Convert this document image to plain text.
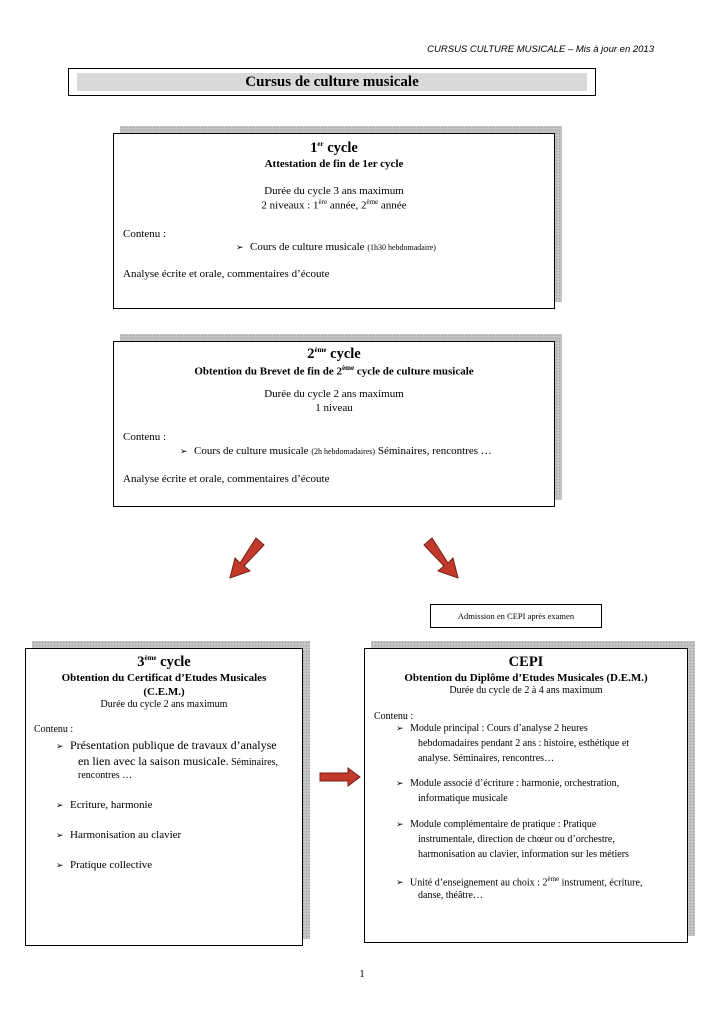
CURSUS CULTURE MUSICALE – Mis à jour en 2013
Cursus de culture musicale
1er cycle
Attestation de fin de 1er cycle
Durée du cycle 3 ans maximum
2 niveaux : 1ère année, 2ème année
Contenu :
➢ Cours de culture musicale (1h30 hebdomadaire)
Analyse écrite et orale, commentaires d’écoute
2ème cycle
Obtention du Brevet de fin de 2ème cycle de culture musicale
Durée du cycle 2 ans maximum
1 niveau
Contenu :
➢ Cours de culture musicale (2h hebdomadaires) Séminaires, rencontres …
Analyse écrite et orale, commentaires d’écoute
Admission en CEPI après examen
3ème cycle
Obtention du Certificat d’Etudes Musicales
(C.E.M.)
Durée du cycle 2 ans maximum
Contenu :
➢ Présentation publique de travaux d’analyse
en lien avec la saison musicale. Séminaires,
rencontres …
➢ Ecriture, harmonie
➢ Harmonisation au clavier
➢ Pratique collective
CEPI
Obtention du Diplôme d’Etudes Musicales (D.E.M.)
Durée du cycle de 2 à 4 ans maximum
Contenu :
➢ Module principal : Cours d’analyse 2 heures
hebdomadaires pendant 2 ans : histoire, esthétique et
analyse. Séminaires, rencontres…
➢ Module associé d’écriture : harmonie, orchestration,
informatique musicale
➢ Module complémentaire de pratique : Pratique
instrumentale, direction de chœur ou d’orchestre,
harmonisation au clavier, information sur les métiers
➢ Unité d’enseignement au choix : 2ème instrument, écriture,
danse, théâtre…
1
